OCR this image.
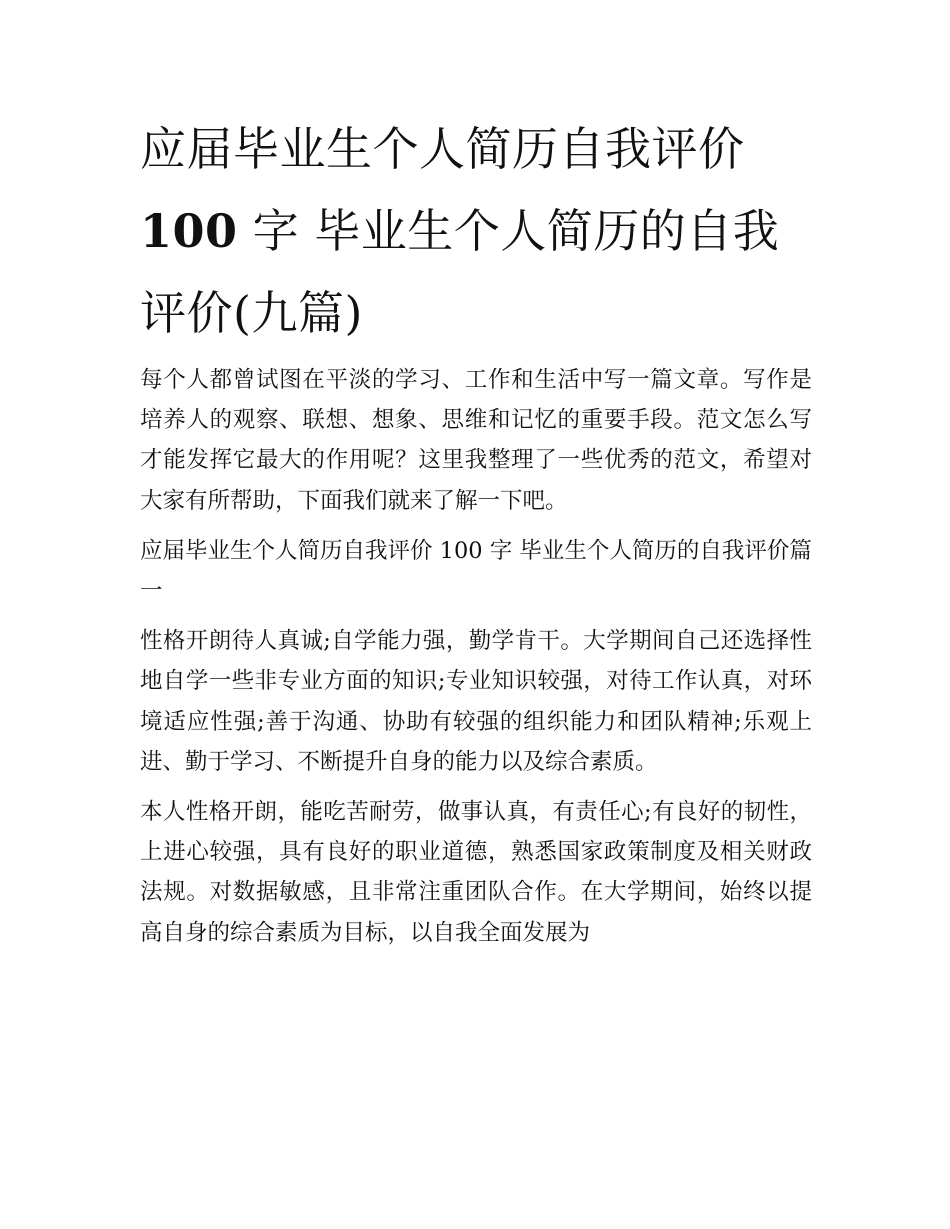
应届毕业生个人简历自我评价
100 字 毕业生个人简历的自我
评价(九篇)

每个人都曾试图在平淡的学习、工作和生活中写一篇文章。写作是培养人的观察、联想、想象、思维和记忆的重要手段。范文怎么写才能发挥它最大的作用呢？这里我整理了一些优秀的范文，希望对大家有所帮助，下面我们就来了解一下吧。

应届毕业生个人简历自我评价 100 字 毕业生个人简历的自我评价篇一

性格开朗待人真诚;自学能力强，勤学肯干。大学期间自己还选择性地自学一些非专业方面的知识;专业知识较强，对待工作认真，对环境适应性强;善于沟通、协助有较强的组织能力和团队精神;乐观上进、勤于学习、不断提升自身的能力以及综合素质。

本人性格开朗，能吃苦耐劳，做事认真，有责任心;有良好的韧性，上进心较强，具有良好的职业道德，熟悉国家政策制度及相关财政法规。对数据敏感，且非常注重团队合作。在大学期间，始终以提高自身的综合素质为目标，以自我全面发展为
